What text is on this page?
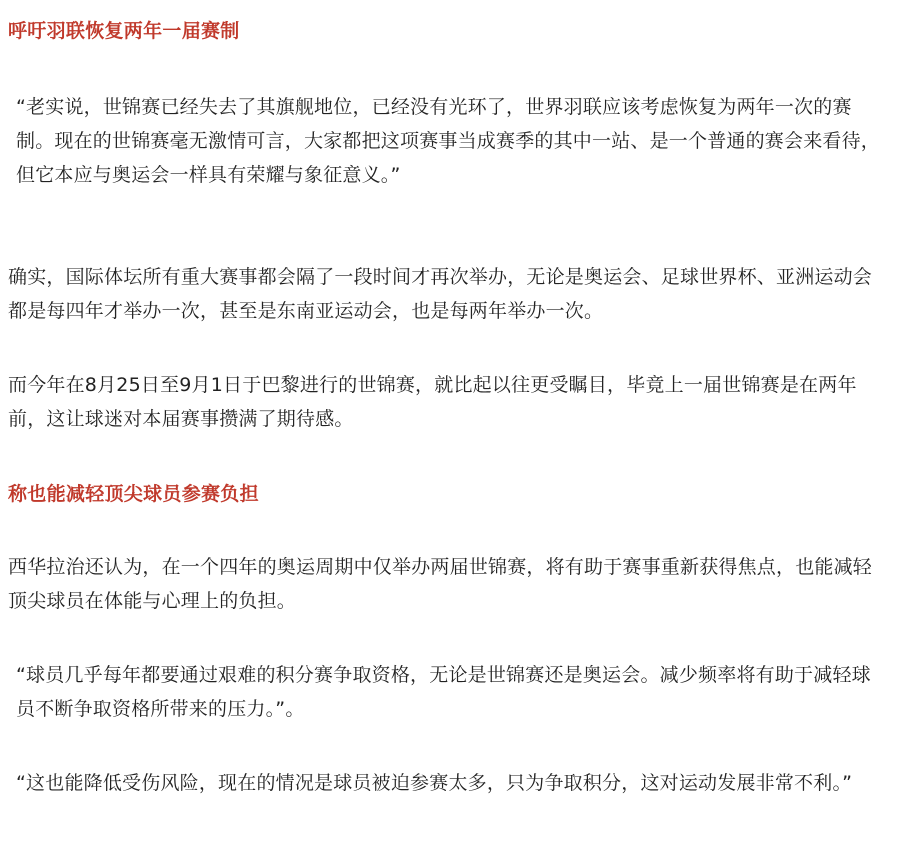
呼吁羽联恢复两年一届赛制

“老实说，世锦赛已经失去了其旗舰地位，已经没有光环了，世界羽联应该考虑恢复为两年一次的赛制。现在的世锦赛毫无激情可言，大家都把这项赛事当成赛季的其中一站、是一个普通的赛会来看待，但它本应与奥运会一样具有荣耀与象征意义。”

确实，国际体坛所有重大赛事都会隔了一段时间才再次举办，无论是奥运会、足球世界杯、亚洲运动会都是每四年才举办一次，甚至是东南亚运动会，也是每两年举办一次。

而今年在8月25日至9月1日于巴黎进行的世锦赛，就比起以往更受瞩目，毕竟上一届世锦赛是在两年前，这让球迷对本届赛事攒满了期待感。

称也能减轻顶尖球员参赛负担

西华拉治还认为，在一个四年的奥运周期中仅举办两届世锦赛，将有助于赛事重新获得焦点，也能减轻顶尖球员在体能与心理上的负担。

“球员几乎每年都要通过艰难的积分赛争取资格，无论是世锦赛还是奥运会。减少频率将有助于减轻球员不断争取资格所带来的压力。”。

“这也能降低受伤风险，现在的情况是球员被迫参赛太多，只为争取积分，这对运动发展非常不利。”
